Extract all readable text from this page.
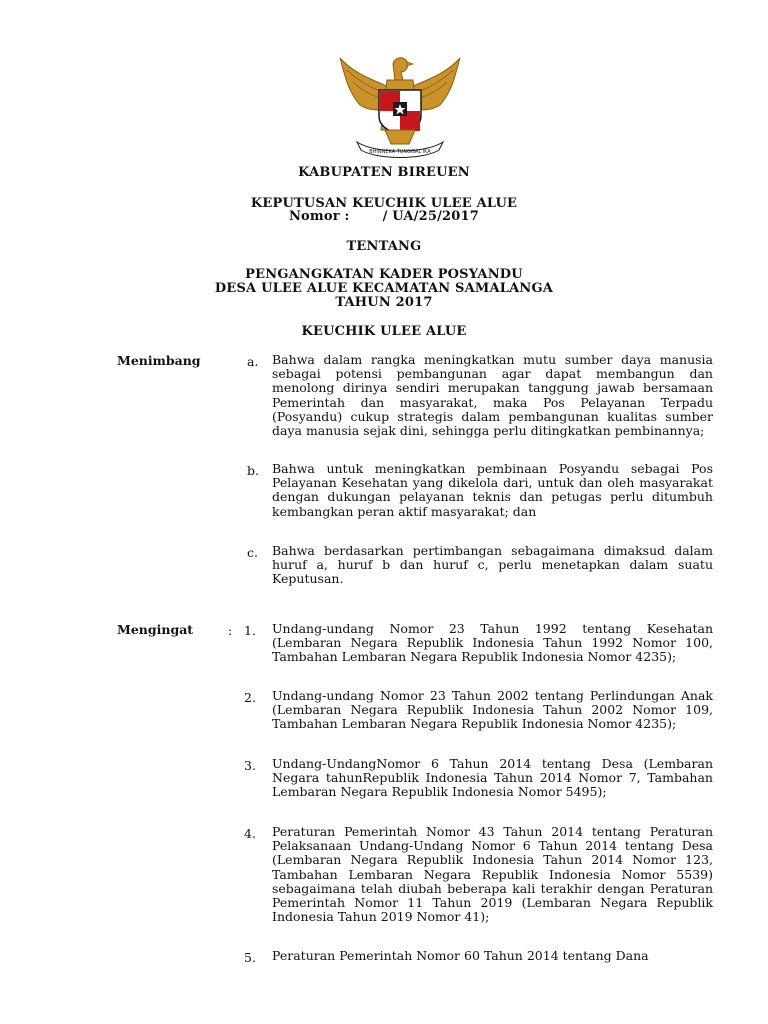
BHINNEKA TUNGGAL IKA
KABUPATEN BIREUEN
KEPUTUSAN KEUCHIK ULEE ALUE
Nomor :       / UA/25/2017
TENTANG
PENGANGKATAN KADER POSYANDU
DESA ULEE ALUE KECAMATAN SAMALANGA
TAHUN 2017
KEUCHIK ULEE ALUE
Menimbang	a. Bahwa dalam rangka meningkatkan mutu sumber daya manusia sebagai potensi pembangunan agar dapat membangun dan menolong dirinya sendiri merupakan tanggung jawab bersamaan Pemerintah dan masyarakat, maka Pos Pelayanan Terpadu (Posyandu) cukup strategis dalam pembangunan kualitas sumber daya manusia sejak dini, sehingga perlu ditingkatkan pembinannya;
b. Bahwa untuk meningkatkan pembinaan Posyandu sebagai Pos Pelayanan Kesehatan yang dikelola dari, untuk dan oleh masyarakat dengan dukungan pelayanan teknis dan petugas perlu ditumbuh kembangkan peran aktif masyarakat; dan
c. Bahwa berdasarkan pertimbangan sebagaimana dimaksud dalam huruf a, huruf b dan huruf c, perlu menetapkan dalam suatu Keputusan.
Mengingat	: 1. Undang-undang Nomor 23 Tahun 1992 tentang Kesehatan (Lembaran Negara Republik Indonesia Tahun 1992 Nomor 100, Tambahan Lembaran Negara Republik Indonesia Nomor 4235);
2. Undang-undang Nomor 23 Tahun 2002 tentang Perlindungan Anak (Lembaran Negara Republik Indonesia Tahun 2002 Nomor 109, Tambahan Lembaran Negara Republik Indonesia Nomor 4235);
3. Undang-UndangNomor 6 Tahun 2014 tentang Desa (Lembaran Negara tahunRepublik Indonesia Tahun 2014 Nomor 7, Tambahan Lembaran Negara Republik Indonesia Nomor 5495);
4. Peraturan Pemerintah Nomor 43 Tahun 2014 tentang Peraturan Pelaksanaan Undang-Undang Nomor 6 Tahun 2014 tentang Desa (Lembaran Negara Republik Indonesia Tahun 2014 Nomor 123, Tambahan Lembaran Negara Republik Indonesia Nomor 5539) sebagaimana telah diubah beberapa kali terakhir dengan Peraturan Pemerintah Nomor 11 Tahun 2019 (Lembaran Negara Republik Indonesia Tahun 2019 Nomor 41);
5. Peraturan Pemerintah Nomor 60 Tahun 2014 tentang Dana
